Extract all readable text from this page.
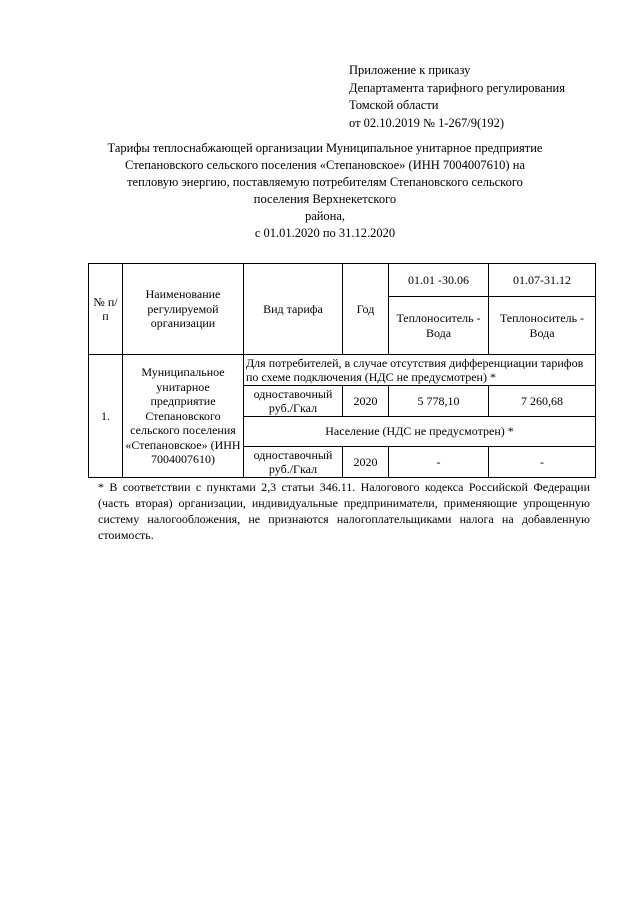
Приложение к приказу
Департамента тарифного регулирования
Томской области
от 02.10.2019 № 1-267/9(192)
Тарифы теплоснабжающей организации Муниципальное унитарное предприятие
Степановского сельского поселения «Степановское» (ИНН 7004007610) на
тепловую энергию, поставляемую потребителям Степановского сельского
поселения Верхнекетского
района,
с 01.01.2020 по 31.12.2020
№ п/п	Наименование регулируемой организации	Вид тарифа	Год	01.01 -30.06	01.07-31.12
				Теплоноситель - Вода	Теплоноситель - Вода
1.	Муниципальное унитарное предприятие Степановского сельского поселения «Степановское» (ИНН 7004007610)	Для потребителей, в случае отсутствия дифференциации тарифов по схеме подключения (НДС не предусмотрен) *			
		одноставочный руб./Гкал	2020	5 778,10	7 260,68
		Население (НДС не предусмотрен) *			
		одноставочный руб./Гкал	2020	-	-
* В соответствии с пунктами 2,3 статьи 346.11. Налогового кодекса Российской Федерации (часть вторая) организации, индивидуальные предприниматели, применяющие упрощенную систему налогообложения, не признаются налогоплательщиками налога на добавленную стоимость.
